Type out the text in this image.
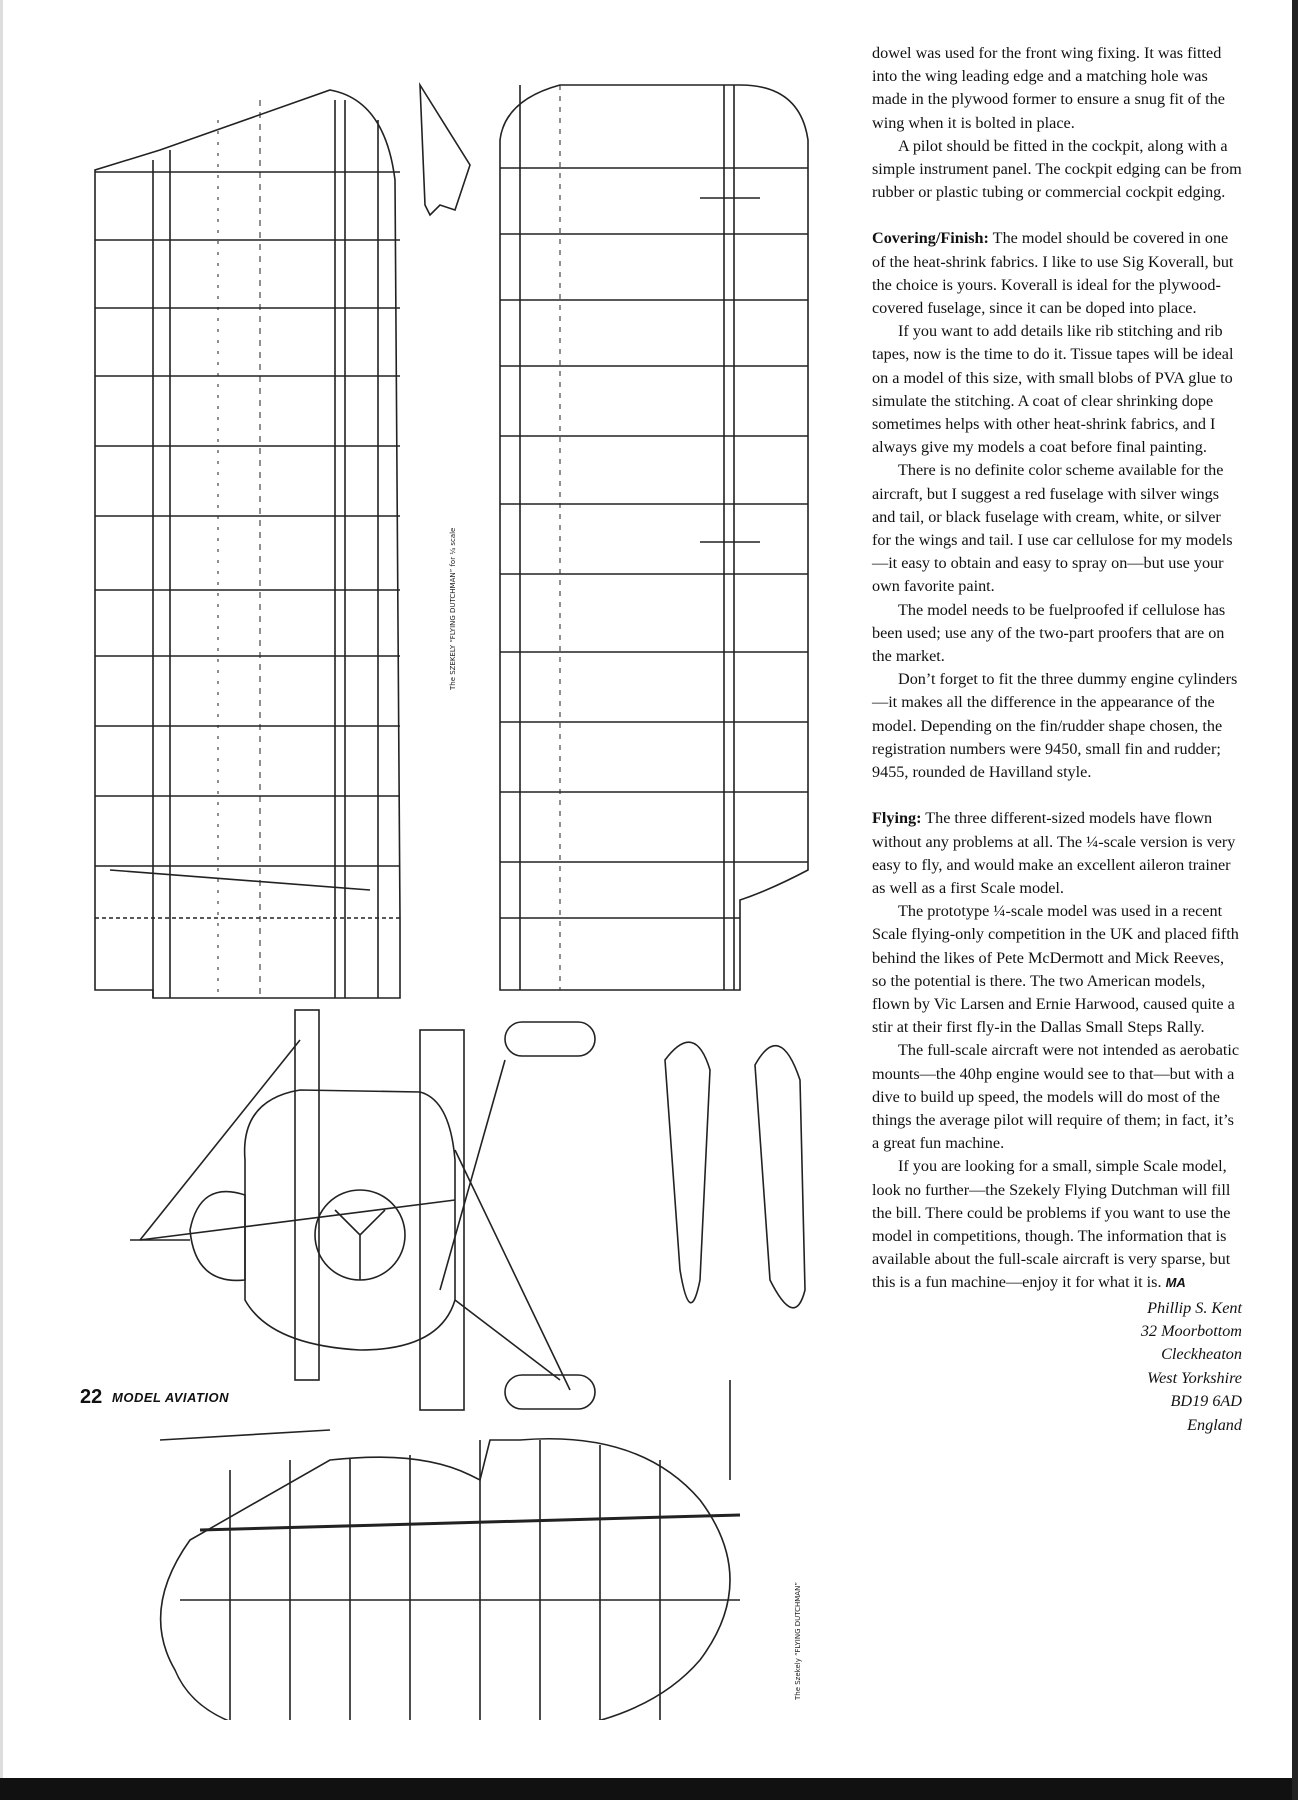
The SZEKELY “FLYING DUTCHMAN” for ¼ scale
The Szekely “FLYING DUTCHMAN”

dowel was used for the front wing fixing. It was fitted into the wing leading edge and a matching hole was made in the plywood former to ensure a snug fit of the wing when it is bolted in place.

A pilot should be fitted in the cockpit, along with a simple instrument panel. The cockpit edging can be from rubber or plastic tubing or commercial cockpit edging.

Covering/Finish: The model should be covered in one of the heat-shrink fabrics. I like to use Sig Koverall, but the choice is yours. Koverall is ideal for the plywood-covered fuselage, since it can be doped into place.

If you want to add details like rib stitching and rib tapes, now is the time to do it. Tissue tapes will be ideal on a model of this size, with small blobs of PVA glue to simulate the stitching. A coat of clear shrinking dope sometimes helps with other heat-shrink fabrics, and I always give my models a coat before final painting.

There is no definite color scheme available for the aircraft, but I suggest a red fuselage with silver wings and tail, or black fuselage with cream, white, or silver for the wings and tail. I use car cellulose for my models—it easy to obtain and easy to spray on—but use your own favorite paint.

The model needs to be fuelproofed if cellulose has been used; use any of the two-part proofers that are on the market.

Don’t forget to fit the three dummy engine cylinders—it makes all the difference in the appearance of the model. Depending on the fin/rudder shape chosen, the registration numbers were 9450, small fin and rudder; 9455, rounded de Havilland style.

Flying: The three different-sized models have flown without any problems at all. The ¼-scale version is very easy to fly, and would make an excellent aileron trainer as well as a first Scale model.

The prototype ¼-scale model was used in a recent Scale flying-only competition in the UK and placed fifth behind the likes of Pete McDermott and Mick Reeves, so the potential is there. The two American models, flown by Vic Larsen and Ernie Harwood, caused quite a stir at their first fly-in the Dallas Small Steps Rally.

The full-scale aircraft were not intended as aerobatic mounts—the 40hp engine would see to that—but with a dive to build up speed, the models will do most of the things the average pilot will require of them; in fact, it’s a great fun machine.

If you are looking for a small, simple Scale model, look no further—the Szekely Flying Dutchman will fill the bill. There could be problems if you want to use the model in competitions, though. The information that is available about the full-scale aircraft is very sparse, but this is a fun machine—enjoy it for what it is. MA

Phillip S. Kent
32 Moorbottom
Cleckheaton
West Yorkshire
BD19 6AD
England
22 MODEL AVIATION
